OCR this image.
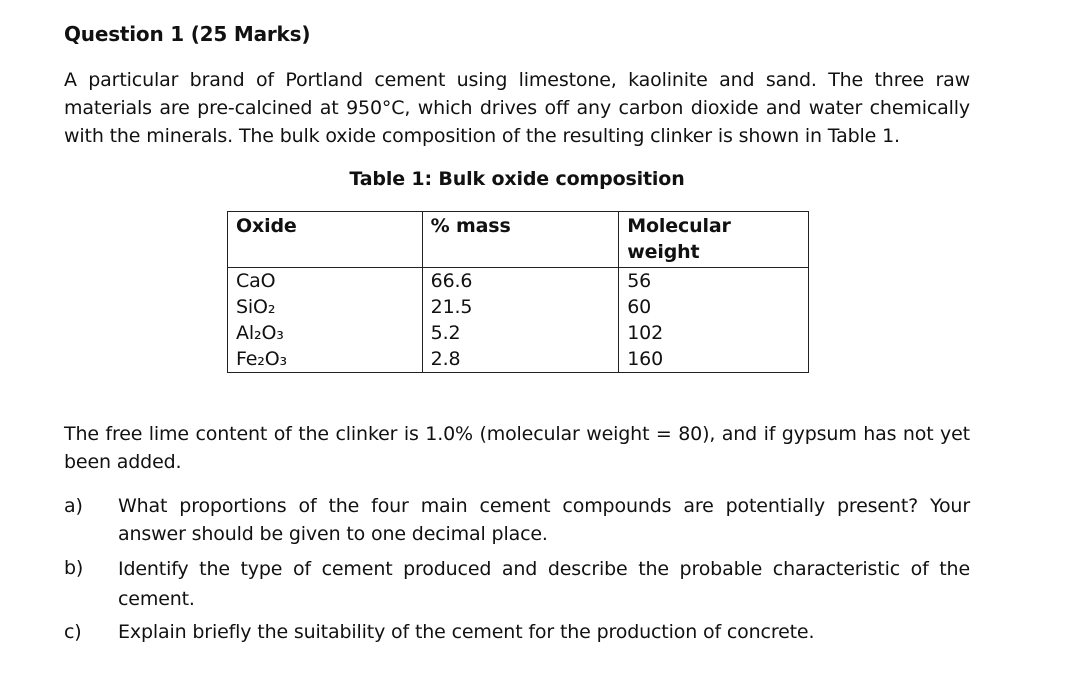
Question 1 (25 Marks)
A particular brand of Portland cement using limestone, kaolinite and sand. The three raw materials are pre-calcined at 950°C, which drives off any carbon dioxide and water chemically with the minerals. The bulk oxide composition of the resulting clinker is shown in Table 1.
Table 1: Bulk oxide composition
Oxide	% mass	Molecular weight
CaO	66.6	56
SiO₂	21.5	60
Al₂O₃	5.2	102
Fe₂O₃	2.8	160
The free lime content of the clinker is 1.0% (molecular weight = 80), and if gypsum has not yet been added.
a) What proportions of the four main cement compounds are potentially present? Your answer should be given to one decimal place.
b) Identify the type of cement produced and describe the probable characteristic of the cement.
c) Explain briefly the suitability of the cement for the production of concrete.
